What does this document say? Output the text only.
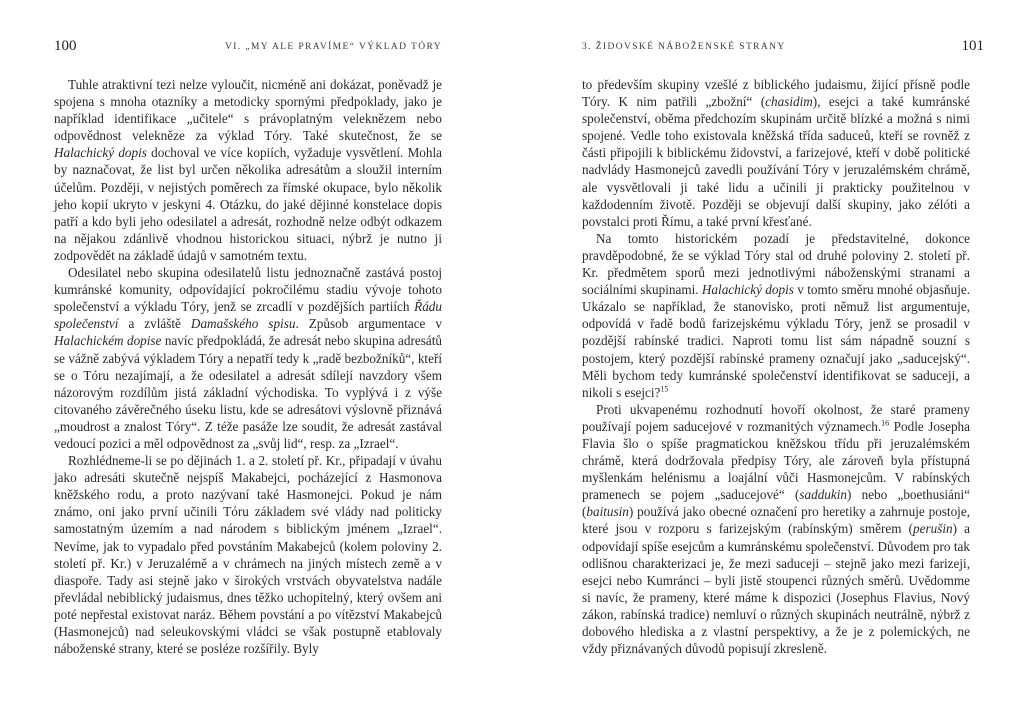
100	VI. „MY ALE PRAVÍME“ VÝKLAD TÓRY

Tuhle atraktivní tezi nelze vyloučit, nicméně ani dokázat, poněvadž je spojena s mnoha otazníky a metodicky spornými předpoklady, jako je například identifikace „učitele“ s právoplatným veleknězem nebo odpovědnost velekněze za výklad Tóry. Také skutečnost, že se Halachický dopis dochoval ve více kopiích, vyžaduje vysvětlení. Mohla by naznačovat, že list byl určen několika adresátům a sloužil interním účelům. Později, v nejistých poměrech za římské okupace, bylo několik jeho kopií ukryto v jeskyni 4. Otázku, do jaké dějinné konstelace dopis patří a kdo byli jeho odesilatel a adresát, rozhodně nelze odbýt odkazem na nějakou zdánlivě vhodnou historickou situaci, nýbrž je nutno ji zodpovědět na základě údajů v samotném textu.

Odesilatel nebo skupina odesilatelů listu jednoznačně zastává postoj kumránské komunity, odpovídající pokročilému stadiu vývoje tohoto společenství a výkladu Tóry, jenž se zrcadlí v pozdějších partiích Řádu společenství a zvláště Damašského spisu. Způsob argumentace v Halachickém dopise navíc předpokládá, že adresát nebo skupina adresátů se vážně zabývá výkladem Tóry a nepatří tedy k „radě bezbožníků“, kteří se o Tóru nezajímají, a že odesilatel a adresát sdílejí navzdory všem názorovým rozdílům jistá základní východiska. To vyplývá i z výše citovaného závěrečného úseku listu, kde se adresátovi výslovně přiznává „moudrost a znalost Tóry“. Z téže pasáže lze soudit, že adresát zastával vedoucí pozici a měl odpovědnost za „svůj lid“, resp. za „Izrael“.

Rozhlédneme-li se po dějinách 1. a 2. století př. Kr., připadají v úvahu jako adresáti skutečně nejspíš Makabejci, pocházející z Hasmonova kněžského rodu, a proto nazývaní také Hasmonejci. Pokud je nám známo, oni jako první učinili Tóru základem své vlády nad politicky samostatným územím a nad národem s biblickým jménem „Izrael“. Nevíme, jak to vypadalo před povstáním Makabejců (kolem poloviny 2. století př. Kr.) v Jeruzalémě a v chrámech na jiných místech země a v diaspoře. Tady asi stejně jako v širokých vrstvách obyvatelstva nadále převládal nebiblický judaismus, dnes těžko uchopitelný, který ovšem ani poté nepřestal existovat naráz. Během povstání a po vítězství Makabejců (Hasmonejců) nad seleukovskými vládci se však postupně etablovaly náboženské strany, které se posléze rozšířily. Byly

3. ŽIDOVSKÉ NÁBOŽENSKÉ STRANY	101

to především skupiny vzešlé z biblického judaismu, žijící přísně podle Tóry. K nim patřili „zbožní“ (chasidim), esejci a také kumránské společenství, oběma předchozím skupinám určitě blízké a možná s nimi spojené. Vedle toho existovala kněžská třída saduceů, kteří se rovněž z části připojili k biblickému židovství, a farizejové, kteří v době politické nadvlády Hasmonejců zavedli používání Tóry v jeruzalémském chrámě, ale vysvětlovali ji také lidu a učinili ji prakticky použitelnou v každodenním životě. Později se objevují další skupiny, jako zélóti a povstalci proti Římu, a také první křesťané.

Na tomto historickém pozadí je představitelné, dokonce pravděpodobné, že se výklad Tóry stal od druhé poloviny 2. století př. Kr. předmětem sporů mezi jednotlivými náboženskými stranami a sociálními skupinami. Halachický dopis v tomto směru mnohé objasňuje. Ukázalo se například, že stanovisko, proti němuž list argumentuje, odpovídá v řadě bodů farizejskému výkladu Tóry, jenž se prosadil v pozdější rabínské tradici. Naproti tomu list sám nápadně souzní s postojem, který pozdější rabínské prameny označují jako „saducejský“. Měli bychom tedy kumránské společenství identifikovat se saduceji, a nikoli s esejci?$^{15}$

Proti ukvapenému rozhodnutí hovoří okolnost, že staré prameny používají pojem saducejové v rozmanitých významech.$^{16}$ Podle Josepha Flavia šlo o spíše pragmatickou kněžskou třídu při jeruzalémském chrámě, která dodržovala předpisy Tóry, ale zároveň byla přístupná myšlenkám helénismu a loajální vůči Hasmonejcům. V rabínských pramenech se pojem „saducejové“ (saddukin) nebo „boethusiáni“ (baitusin) používá jako obecné označení pro heretiky a zahrnuje postoje, které jsou v rozporu s farizejským (rabínským) směrem (perušin) a odpovídají spíše esejcům a kumránskému společenství. Důvodem pro tak odlišnou charakterizaci je, že mezi saduceji – stejně jako mezi farizeji, esejci nebo Kumránci – byli jistě stoupenci různých směrů. Uvědomme si navíc, že prameny, které máme k dispozici (Josephus Flavius, Nový zákon, rabínská tradice) nemluví o různých skupinách neutrálně, nýbrž z dobového hlediska a z vlastní perspektivy, a že je z polemických, ne vždy přiznávaných důvodů popisují zkresleně.
